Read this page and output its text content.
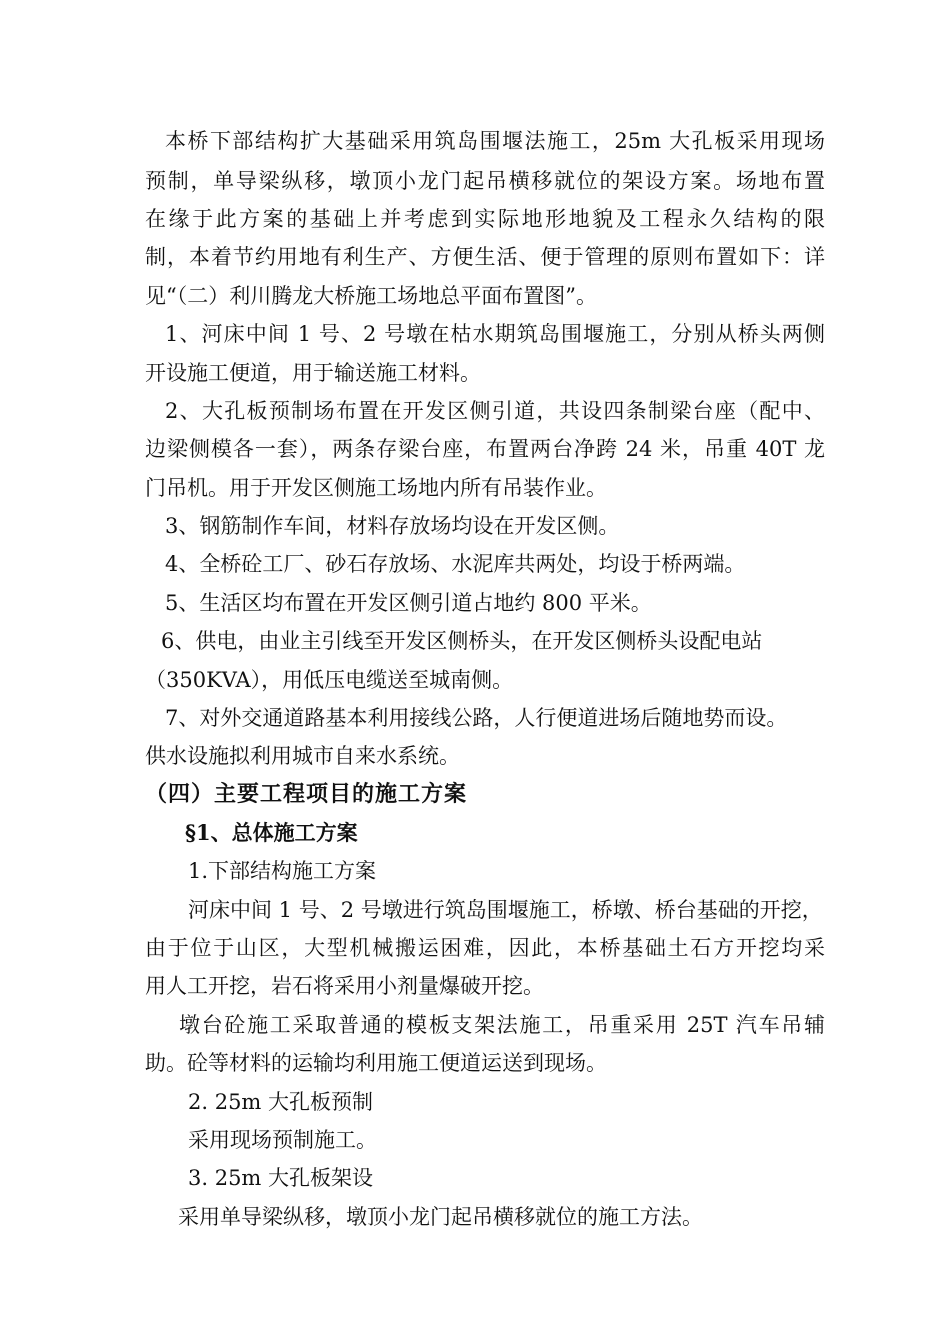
本桥下部结构扩大基础采用筑岛围堰法施工，25m 大孔板采用现场
预制，单导梁纵移，墩顶小龙门起吊横移就位的架设方案。场地布置
在缘于此方案的基础上并考虑到实际地形地貌及工程永久结构的限
制，本着节约用地有利生产、方便生活、便于管理的原则布置如下：详
见“（二）利川腾龙大桥施工场地总平面布置图”。
1、河床中间 1 号、2 号墩在枯水期筑岛围堰施工，分别从桥头两侧
开设施工便道，用于输送施工材料。
2、大孔板预制场布置在开发区侧引道，共设四条制梁台座（配中、
边梁侧模各一套），两条存梁台座，布置两台净跨 24 米，吊重 40T 龙
门吊机。用于开发区侧施工场地内所有吊装作业。
3、钢筋制作车间，材料存放场均设在开发区侧。
4、全桥砼工厂、砂石存放场、水泥库共两处，均设于桥两端。
5、生活区均布置在开发区侧引道占地约 800 平米。
6、供电，由业主引线至开发区侧桥头，在开发区侧桥头设配电站
（350KVA），用低压电缆送至城南侧。
7、对外交通道路基本利用接线公路，人行便道进场后随地势而设。
供水设施拟利用城市自来水系统。
（四）主要工程项目的施工方案
§1、总体施工方案
1.下部结构施工方案
河床中间 1 号、2 号墩进行筑岛围堰施工，桥墩、桥台基础的开挖，
由于位于山区，大型机械搬运困难，因此，本桥基础土石方开挖均采
用人工开挖，岩石将采用小剂量爆破开挖。
墩台砼施工采取普通的模板支架法施工，吊重采用 25T 汽车吊辅
助。砼等材料的运输均利用施工便道运送到现场。
2. 25m 大孔板预制
采用现场预制施工。
3. 25m 大孔板架设
采用单导梁纵移，墩顶小龙门起吊横移就位的施工方法。
